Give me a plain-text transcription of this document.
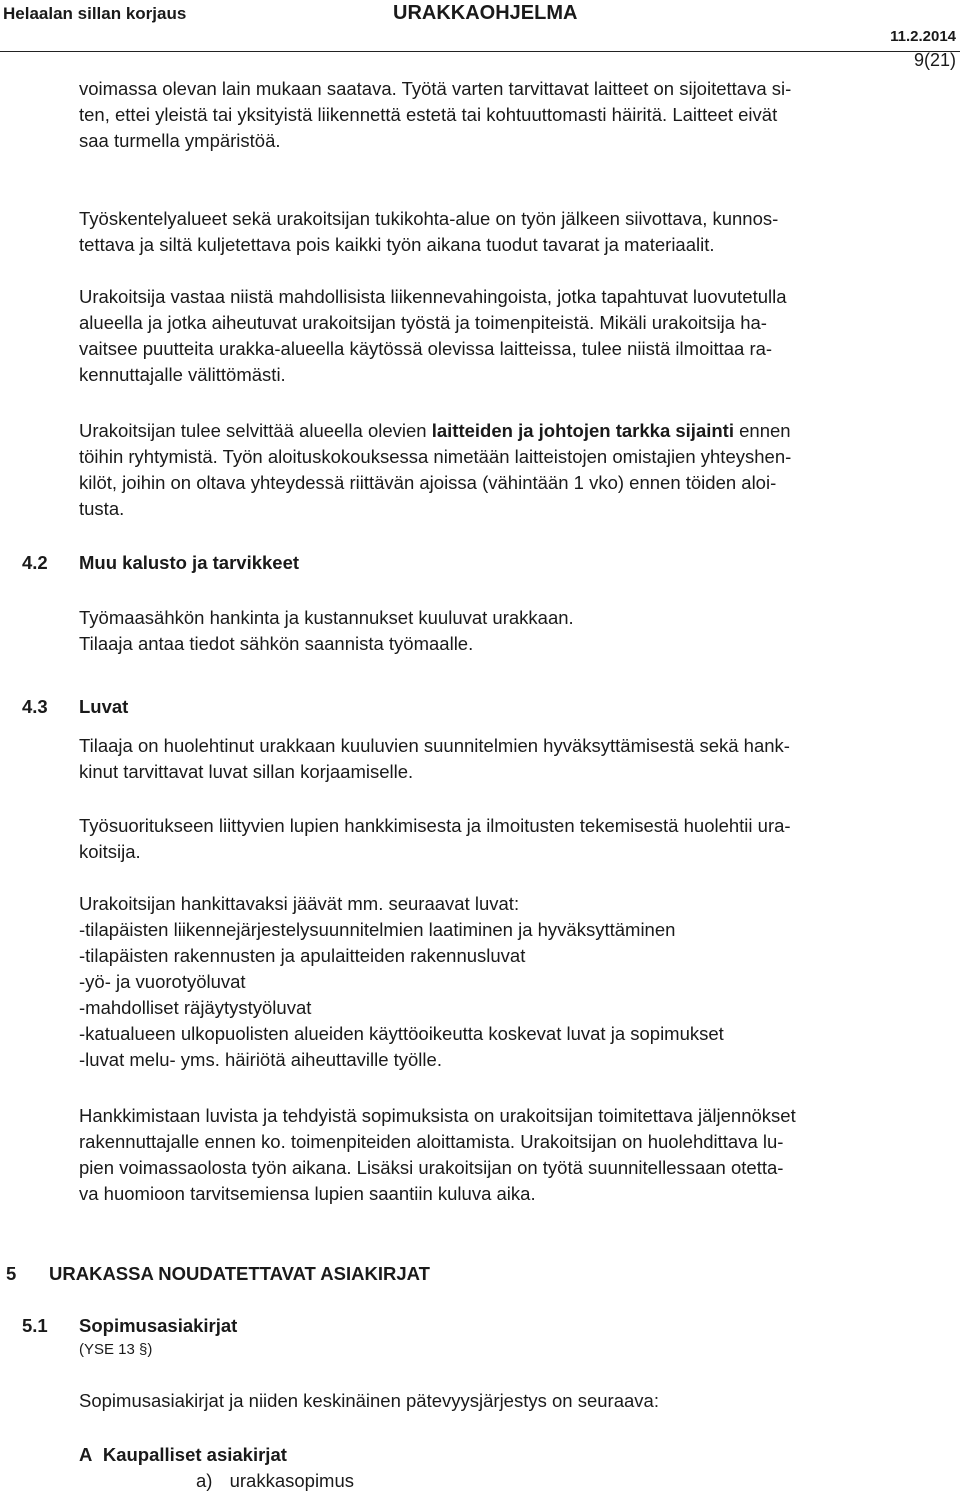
Helaalan sillan korjaus	URAKKAOHJELMA
11.2.2014
9(21)

voimassa olevan lain mukaan saatava. Työtä varten tarvittavat laitteet on sijoitettava si-
ten, ettei yleistä tai yksityistä liikennettä estetä tai kohtuuttomasti häiritä. Laitteet eivät
saa turmella ympäristöä.

Työskentelyalueet sekä urakoitsijan tukikohta-alue on työn jälkeen siivottava, kunnos-
tettava ja siltä kuljetettava pois kaikki työn aikana tuodut tavarat ja materiaalit.

Urakoitsija vastaa niistä mahdollisista liikennevahingoista, jotka tapahtuvat luovutetulla
alueella ja jotka aiheutuvat urakoitsijan työstä ja toimenpiteistä. Mikäli urakoitsija ha-
vaitsee puutteita urakka-alueella käytössä olevissa laitteissa, tulee niistä ilmoittaa ra-
kennuttajalle välittömästi.

Urakoitsijan tulee selvittää alueella olevien laitteiden ja johtojen tarkka sijainti ennen
töihin ryhtymistä. Työn aloituskokouksessa nimetään laitteistojen omistajien yhteyshen-
kilöt, joihin on oltava yhteydessä riittävän ajoissa (vähintään 1 vko) ennen töiden aloi-
tusta.

4.2 Muu kalusto ja tarvikkeet

Työmaasähkön hankinta ja kustannukset kuuluvat urakkaan.
Tilaaja antaa tiedot sähkön saannista työmaalle.

4.3 Luvat

Tilaaja on huolehtinut urakkaan kuuluvien suunnitelmien hyväksyttämisestä sekä hank-
kinut tarvittavat luvat sillan korjaamiselle.

Työsuoritukseen liittyvien lupien hankkimisesta ja ilmoitusten tekemisestä huolehtii ura-
koitsija.

Urakoitsijan hankittavaksi jäävät mm. seuraavat luvat:
-tilapäisten liikennejärjestelysuunnitelmien laatiminen ja hyväksyttäminen
-tilapäisten rakennusten ja apulaitteiden rakennusluvat
-yö- ja vuorotyöluvat
-mahdolliset räjäytystyöluvat
-katualueen ulkopuolisten alueiden käyttöoikeutta koskevat luvat ja sopimukset
-luvat melu- yms. häiriötä aiheuttaville työlle.

Hankkimistaan luvista ja tehdyistä sopimuksista on urakoitsijan toimitettava jäljennökset
rakennuttajalle ennen ko. toimenpiteiden aloittamista. Urakoitsijan on huolehdittava lu-
pien voimassaolosta työn aikana. Lisäksi urakoitsijan on työtä suunnitellessaan otetta-
va huomioon tarvitsemiensa lupien saantiin kuluva aika.

5 URAKASSA NOUDATETTAVAT ASIAKIRJAT
5.1 Sopimusasiakirjat
(YSE 13 §)
Sopimusasiakirjat ja niiden keskinäinen pätevyysjärjestys on seuraava:
A Kaupalliset asiakirjat
a) urakkasopimus
